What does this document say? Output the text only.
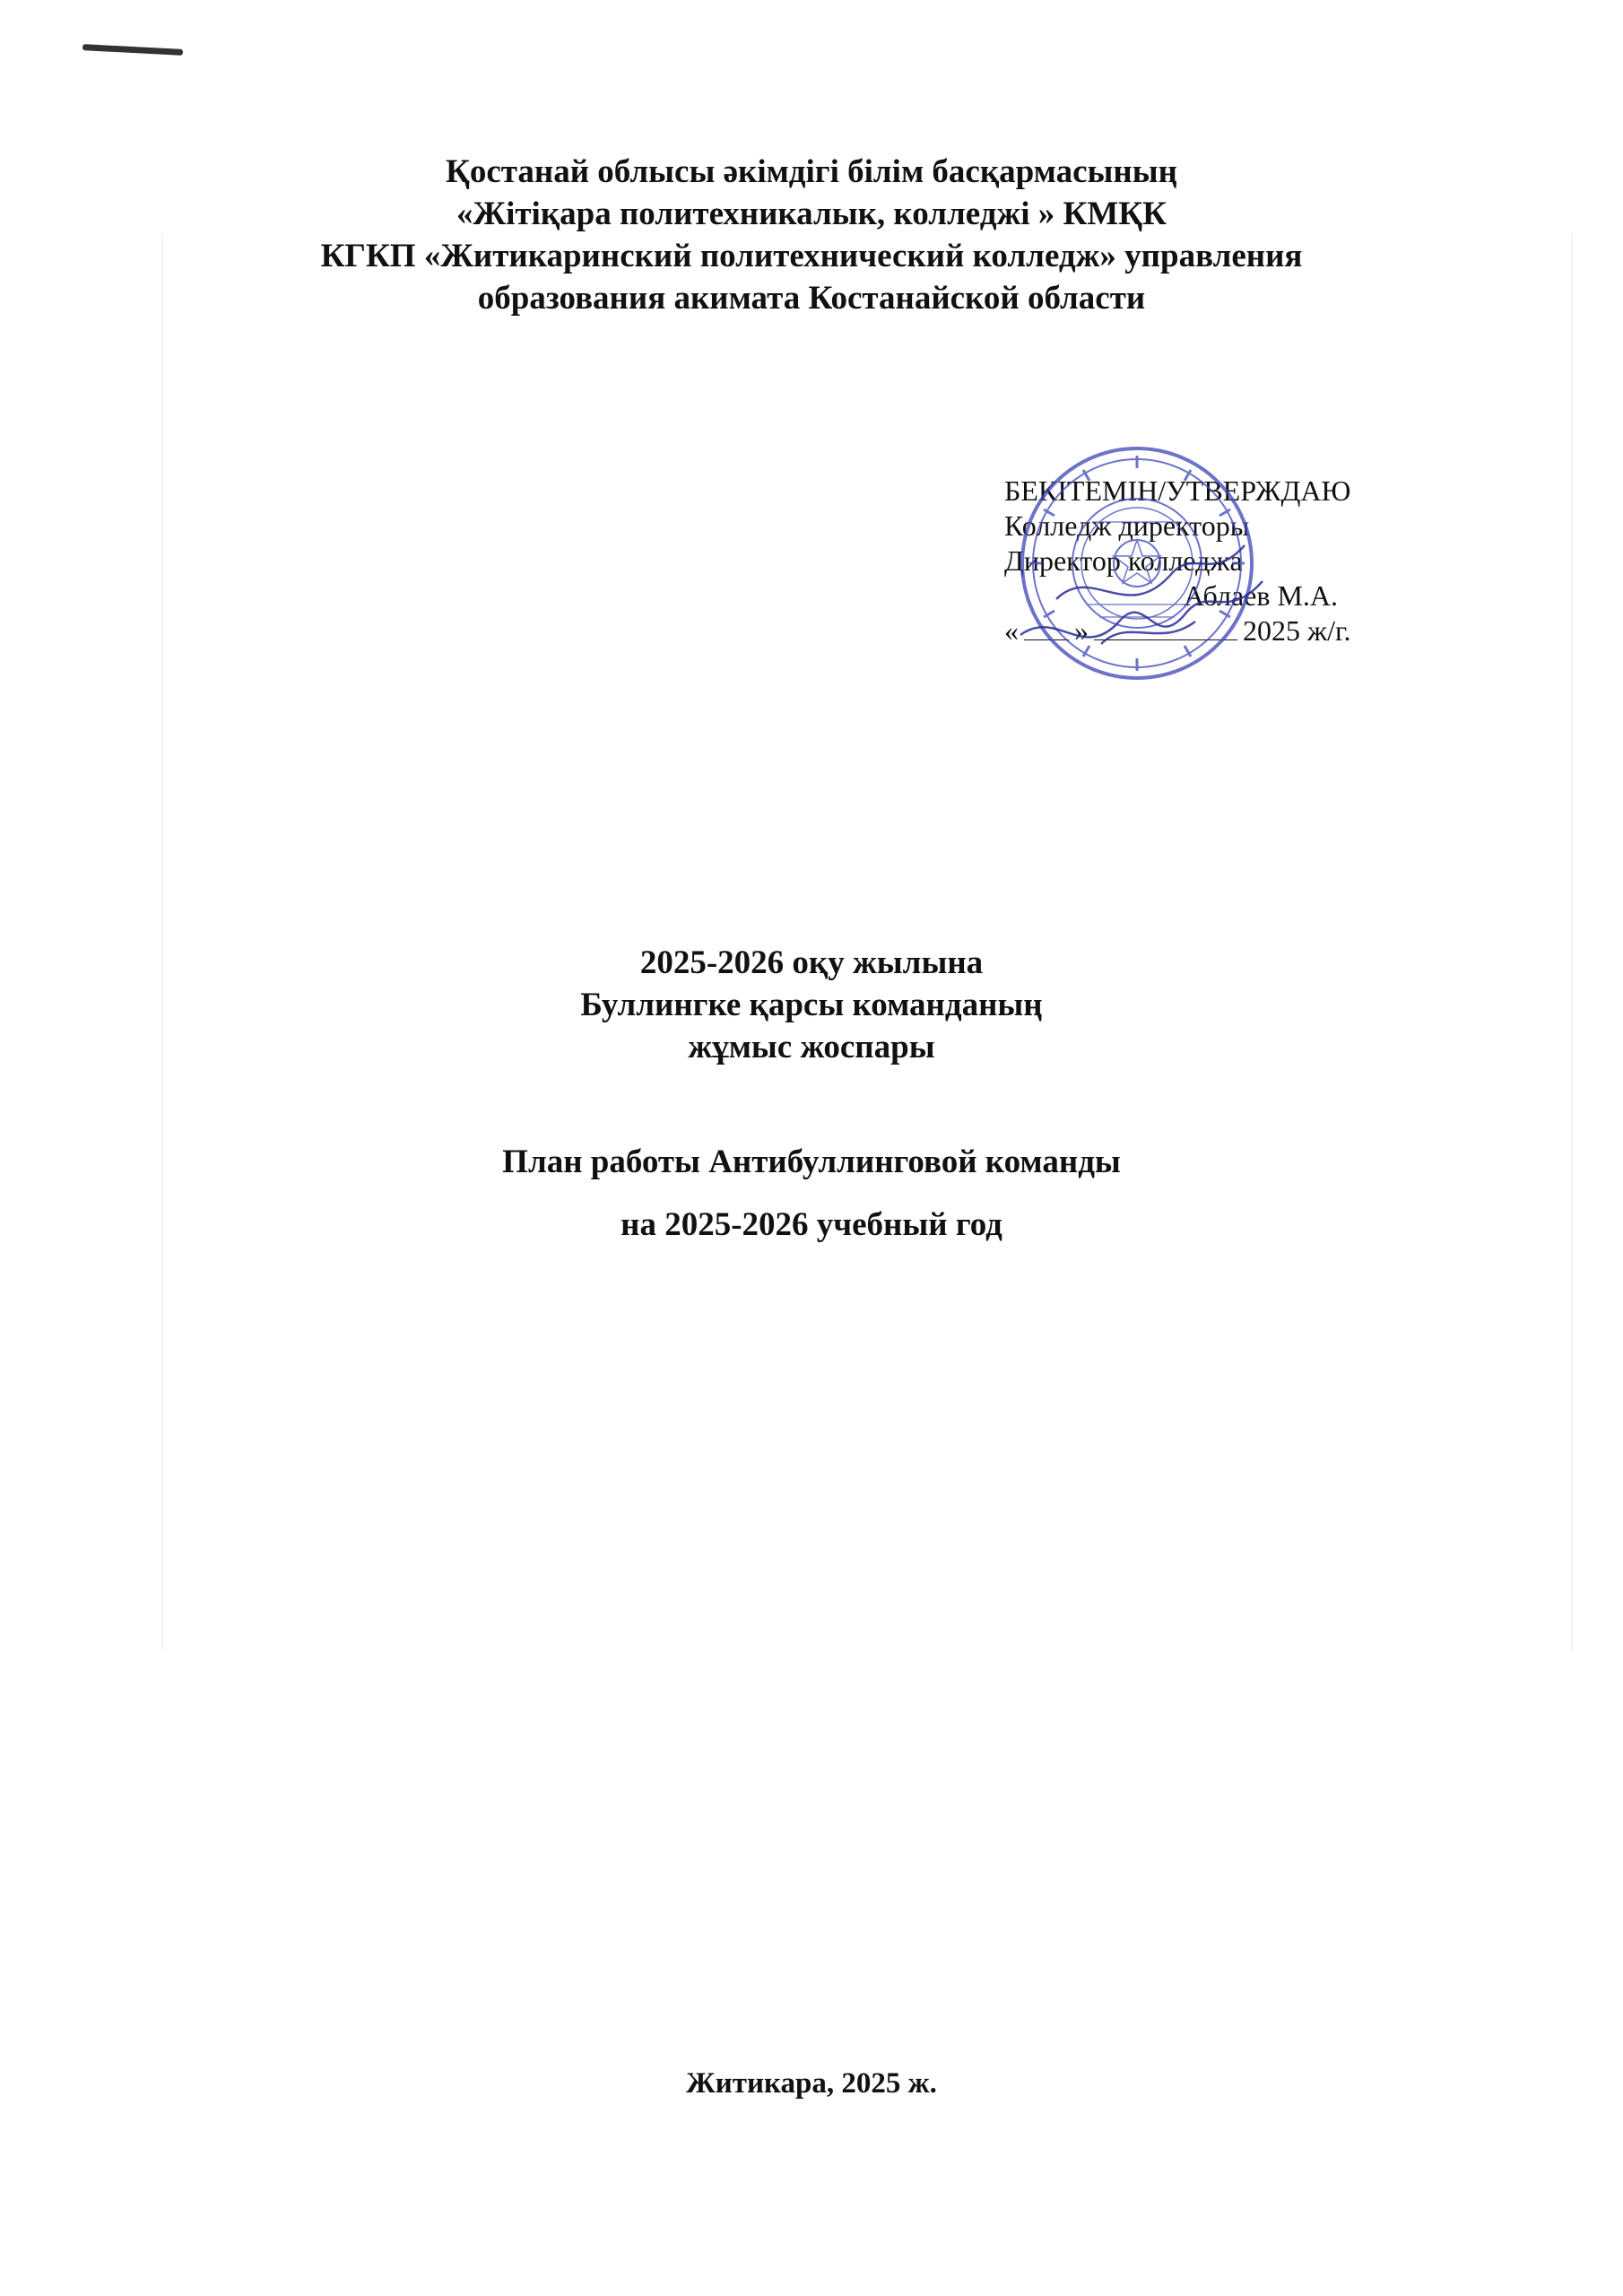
Қостанай облысы әкімдігі білім басқармасының
«Жітіқара политехникалык, колледжі » КМҚК
КГКП «Житикаринский политехнический колледж» управления
образования акимата Костанайской области
БЕКІТЕМІН/УТВЕРЖДАЮ
Колледж директоры
Директор колледжа
Аблаев М.А.
« »	2025 ж/г.
2025-2026 оқу жылына
Буллингке қарсы команданың
жұмыс жоспары
План работы Антибуллинговой команды
на 2025-2026 учебный год
Житикара, 2025 ж.
